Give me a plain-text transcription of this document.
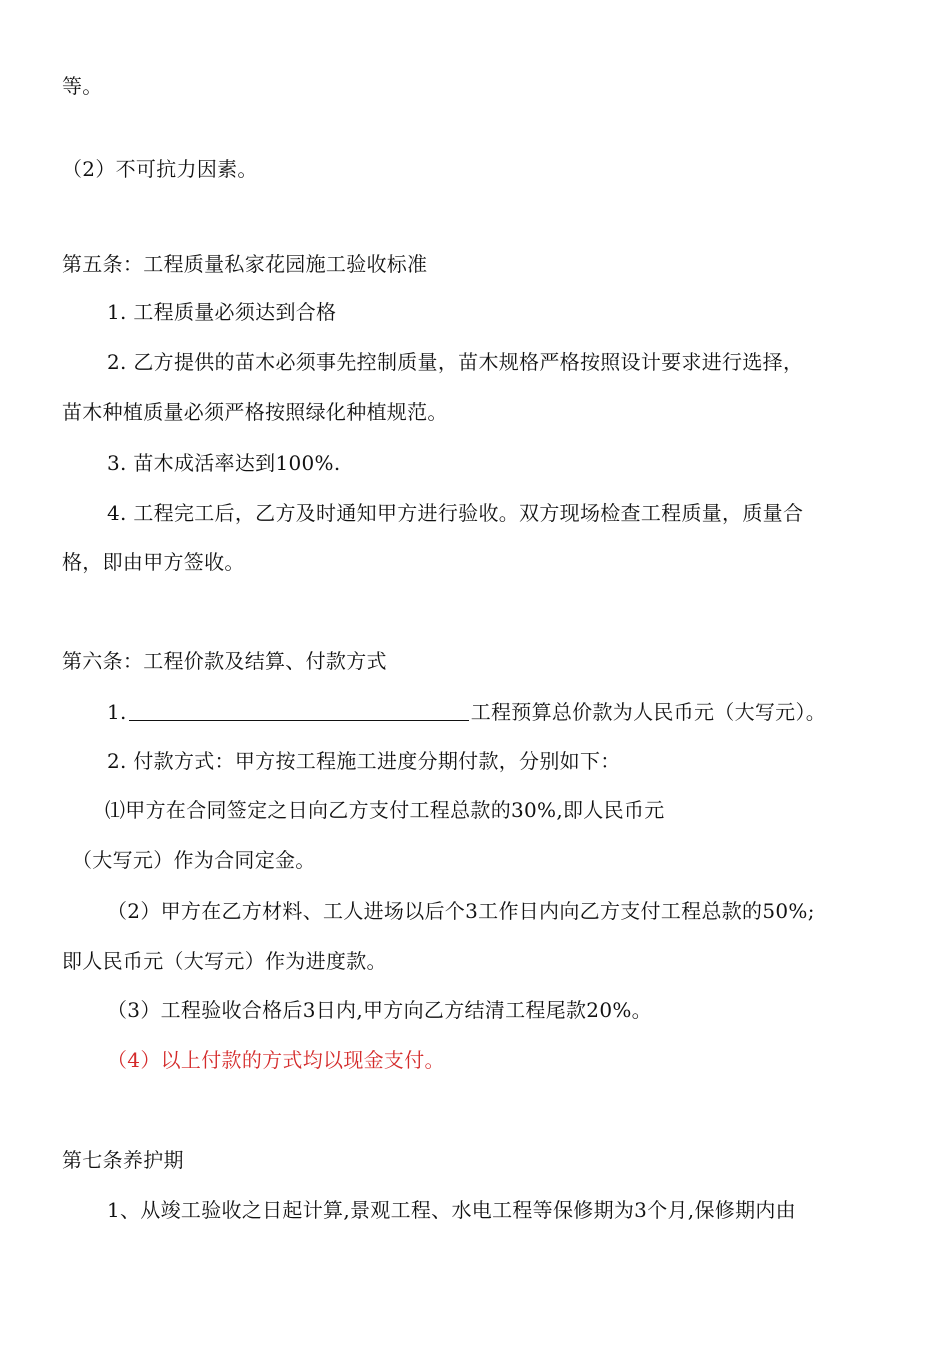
等。
（2）不可抗力因素。
第五条：工程质量私家花园施工验收标准
1. 工程质量必须达到合格
2. 乙方提供的苗木必须事先控制质量，苗木规格严格按照设计要求进行选择，
苗木种植质量必须严格按照绿化种植规范。
3. 苗木成活率达到100%.
4. 工程完工后，乙方及时通知甲方进行验收。双方现场检查工程质量，质量合
格，即由甲方签收。
第六条：工程价款及结算、付款方式
1.	工程预算总价款为人民币元（大写元）。
2. 付款方式：甲方按工程施工进度分期付款，分别如下：
⑴甲方在合同签定之日向乙方支付工程总款的30%,即人民币元
（大写元）作为合同定金。
（2）甲方在乙方材料、工人进场以后个3工作日内向乙方支付工程总款的50%;
即人民币元（大写元）作为进度款。
（3）工程验收合格后3日内,甲方向乙方结清工程尾款20%。
（4）以上付款的方式均以现金支付。
第七条养护期
1、从竣工验收之日起计算,景观工程、水电工程等保修期为3个月,保修期内由
